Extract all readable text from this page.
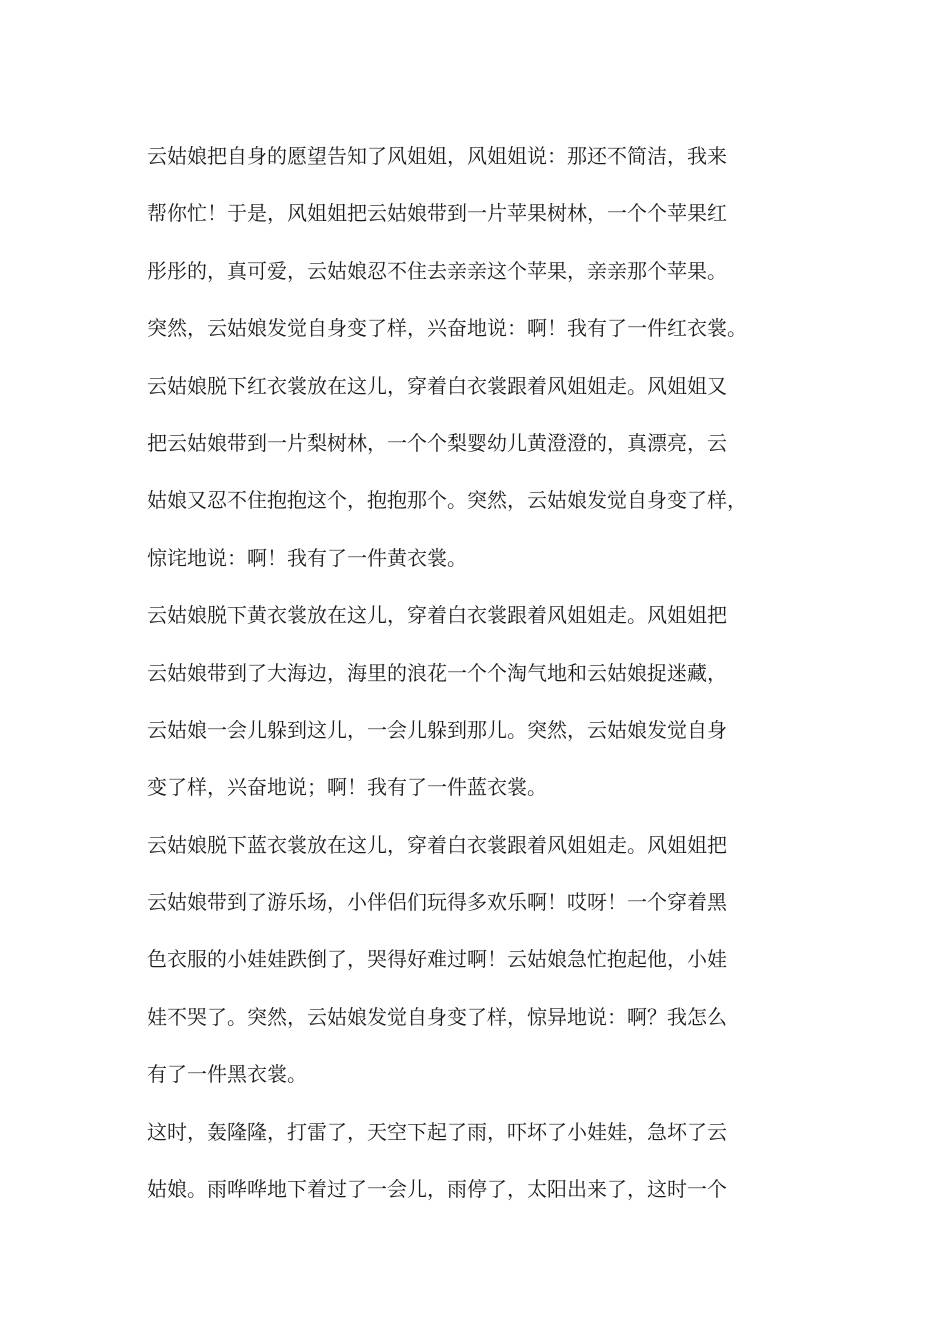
云姑娘把自身的愿望告知了风姐姐，风姐姐说：那还不简洁，我来
帮你忙！于是，风姐姐把云姑娘带到一片苹果树林，一个个苹果红
彤彤的，真可爱，云姑娘忍不住去亲亲这个苹果，亲亲那个苹果。
突然，云姑娘发觉自身变了样，兴奋地说：啊！我有了一件红衣裳。
云姑娘脱下红衣裳放在这儿，穿着白衣裳跟着风姐姐走。风姐姐又
把云姑娘带到一片梨树林，一个个梨婴幼儿黄澄澄的，真漂亮，云
姑娘又忍不住抱抱这个，抱抱那个。突然，云姑娘发觉自身变了样，
惊诧地说：啊！我有了一件黄衣裳。
云姑娘脱下黄衣裳放在这儿，穿着白衣裳跟着风姐姐走。风姐姐把
云姑娘带到了大海边，海里的浪花一个个淘气地和云姑娘捉迷藏，
云姑娘一会儿躲到这儿，一会儿躲到那儿。突然，云姑娘发觉自身
变了样，兴奋地说；啊！我有了一件蓝衣裳。
云姑娘脱下蓝衣裳放在这儿，穿着白衣裳跟着风姐姐走。风姐姐把
云姑娘带到了游乐场，小伴侣们玩得多欢乐啊！哎呀！一个穿着黑
色衣服的小娃娃跌倒了，哭得好难过啊！云姑娘急忙抱起他，小娃
娃不哭了。突然，云姑娘发觉自身变了样，惊异地说：啊？我怎么
有了一件黑衣裳。
这时，轰隆隆，打雷了，天空下起了雨，吓坏了小娃娃，急坏了云
姑娘。雨哗哗地下着过了一会儿，雨停了，太阳出来了，这时一个
